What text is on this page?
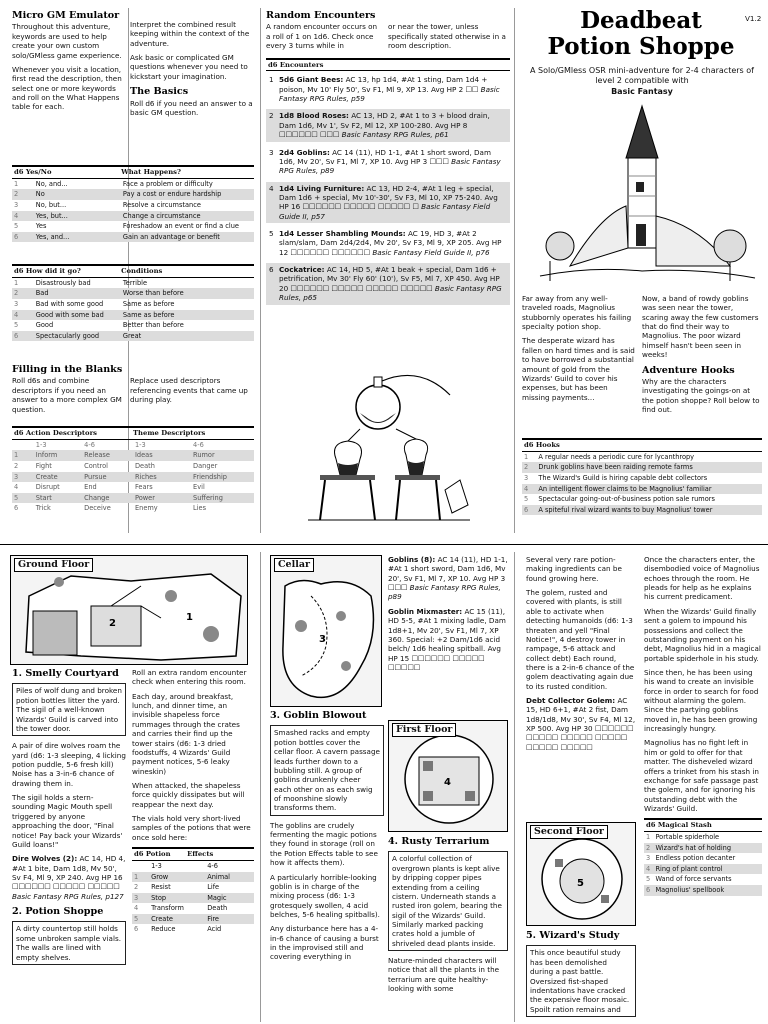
Micro GM Emulator

Throughout this adventure, keywords are used to help create your own custom solo/GMless game experience.

Whenever you visit a location, first read the description, then select one or more keywords and roll on the What Happens table for each.

Interpret the combined result keeping within the context of the adventure.

Ask basic or complicated GM questions whenever you need to kickstart your imagination.

The Basics

Roll d6 if you need an answer to a basic GM question.

d6 Yes/No	What Happens?
1	No, and...	Face a problem or difficulty
2	No	Pay a cost or endure hardship
3	No, but...	Resolve a circumstance
4	Yes, but...	Change a circumstance
5	Yes	Foreshadow an event or find a clue
6	Yes, and...	Gain an advantage or benefit
d6 How did it go?	Conditions
1	Disastrously bad	Terrible
2	Bad	Worse than before
3	Bad with some good	Same as before
4	Good with some bad	Same as before
5	Good	Better than before
6	Spectacularly good	Great
Filling in the Blanks

Roll d6s and combine descriptors if you need an answer to a more complex GM question.

Replace used descriptors referencing events that came up during play.

d6 Action Descriptors	Theme Descriptors
	1-3	4-6	1-3	4-6
1	Inform	Release	Ideas	Rumor
2	Fight	Control	Death	Danger
3	Create	Pursue	Riches	Friendship
4	Disrupt	End	Fears	Evil
5	Start	Change	Power	Suffering
6	Trick	Deceive	Enemy	Lies
Random Encounters

A random encounter occurs on a roll of 1 on 1d6. Check once every 3 turns while in

or near the tower, unless specifically stated otherwise in a room description.

d6 Encounters
1 5d6 Giant Bees: AC 13, hp 1d4, #At 1 sting, Dam 1d4 + poison, Mv 10' Fly 50', Sv F1, Ml 9, XP 13. Avg HP 2 ☐☐ Basic Fantasy RPG Rules, p59
2 1d8 Blood Roses: AC 13, HD 2, #At 1 to 3 + blood drain, Dam 1d6, Mv 1', Sv F2, Ml 12, XP 100-280. Avg HP 8 ☐☐☐☐☐☐ ☐☐☐ Basic Fantasy RPG Rules, p61
3 2d4 Goblins: AC 14 (11), HD 1-1, #At 1 short sword, Dam 1d6, Mv 20', Sv F1, Ml 7, XP 10. Avg HP 3 ☐☐☐ Basic Fantasy RPG Rules, p89
4 1d4 Living Furniture: AC 13, HD 2-4, #At 1 leg + special, Dam 1d6 + special, Mv 10'-30', Sv F3, Ml 10, XP 75-240. Avg HP 16 ☐☐☐☐☐☐ ☐☐☐☐☐ ☐☐☐☐☐ ☐ Basic Fantasy Field Guide II, p57
5 1d4 Lesser Shambling Mounds: AC 19, HD 3, #At 2 slam/slam, Dam 2d4/2d4, Mv 20', Sv F3, Ml 9, XP 205. Avg HP 12 ☐☐☐☐☐☐ ☐☐☐☐☐☐ Basic Fantasy Field Guide II, p76
6 Cockatrice: AC 14, HD 5, #At 1 beak + special, Dam 1d6 + petrification, Mv 30' Fly 60' (10'), Sv F5, Ml 7, XP 450. Avg HP 20 ☐☐☐☐☐☐ ☐☐☐☐☐ ☐☐☐☐☐ ☐☐☐☐☐ Basic Fantasy RPG Rules, p65
V1.2
Deadbeat
Potion Shoppe
A Solo/GMless OSR mini-adventure for 2-4 characters of level 2 compatible with
Basic Fantasy

Far away from any well-traveled roads, Magnolius stubbornly operates his failing specialty potion shop.

The desperate wizard has fallen on hard times and is said to have borrowed a substantial amount of gold from the Wizards' Guild to cover his expenses, but has been missing payments...

Now, a band of rowdy goblins was seen near the tower, scaring away the few customers that do find their way to Magnolius. The poor wizard himself hasn't been seen in weeks!

Adventure Hooks

Why are the characters investigating the goings-on at the potion shoppe? Roll below to find out.

d6 Hooks
1	A regular needs a periodic cure for lycanthropy
2	Drunk goblins have been raiding remote farms
3	The Wizard's Guild is hiring capable debt collectors
4	An intelligent flower claims to be Magnolius' familiar
5	Spectacular going-out-of-business potion sale rumors
6	A spiteful rival wizard wants to buy Magnolius' tower
2
1
Ground Floor
1. Smelly Courtyard
Piles of wolf dung and broken potion bottles litter the yard. The sigil of a well-known Wizards' Guild is carved into the tower door.

A pair of dire wolves roam the yard (d6: 1-3 sleeping, 4 licking potion puddle, 5-6 fresh kill) Noise has a 3-in-6 chance of drawing them in.

The sigil holds a stern-sounding Magic Mouth spell triggered by anyone approaching the door, "Final notice! Pay back your Wizards' Guild loans!"

Dire Wolves (2): AC 14, HD 4, #At 1 bite, Dam 1d8, Mv 50', Sv F4, Ml 9, XP 240. Avg HP 16 ☐☐☐☐☐☐ ☐☐☐☐☐ ☐☐☐☐☐ Basic Fantasy RPG Rules, p127

2. Potion Shoppe
A dirty countertop still holds some unbroken sample vials. The walls are lined with empty shelves.

Roll an extra random encounter check when entering this room.

Each day, around breakfast, lunch, and dinner time, an invisible shapeless force rummages through the crates and carries their find up the tower stairs (d6: 1-3 dried foodstuffs, 4 Wizards' Guild payment notices, 5-6 leaky wineskin)

When attacked, the shapeless force quickly dissipates but will reappear the next day.

The vials hold very short-lived samples of the potions that were once sold here:

d6 Potion	Effects
	1-3	4-6
1	Grow	Animal
2	Resist	Life
3	Stop	Magic
4	Transform	Death
5	Create	Fire
6	Reduce	Acid
3
Cellar	Goblins (8): AC 14 (11), HD 1-1, #At 1 short sword, Dam 1d6, Mv 20', Sv F1, Ml 7, XP 10. Avg HP 3 ☐☐☐ Basic Fantasy RPG Rules, p89

Goblin Mixmaster: AC 15 (11), HD 5-5, #At 1 mixing ladle, Dam 1d8+1, Mv 20', Sv F1, Ml 7, XP 360. Special: +2 Dam/1d6 acid belch/ 1d6 healing spitball. Avg HP 15 ☐☐☐☐☐☐ ☐☐☐☐☐ ☐☐☐☐☐

3. Goblin Blowout
Smashed racks and empty potion bottles cover the cellar floor. A cavern passage leads further down to a bubbling still. A group of goblins drunkenly cheer each other on as each swig of moonshine slowly transforms them.

The goblins are crudely fermenting the magic potions they found in storage (roll on the Potion Effects table to see how it affects them).

A particularly horrible-looking goblin is in charge of the mixing process (d6: 1-3 grotesquely swollen, 4 acid belches, 5-6 healing spitballs).

Any disturbance here has a 4-in-6 chance of causing a burst in the improvised still and covering everything in

4
First Floor
4. Rusty Terrarium
A colorful collection of overgrown plants is kept alive by dripping copper pipes extending from a ceiling cistern. Underneath stands a rusted iron golem, bearing the sigil of the Wizards' Guild. Similarly marked packing crates hold a jumble of shriveled dead plants inside.

Nature-minded characters will notice that all the plants in the terrarium are quite healthy-looking with some

Several very rare potion-making ingredients can be found growing here.

The golem, rusted and covered with plants, is still able to activate when detecting humanoids (d6: 1-3 threaten and yell "Final Notice!", 4 destroy tower in rampage, 5-6 attack and collect debt) Each round, there is a 2-in-6 chance of the golem deactivating again due to its rusted condition.

Debt Collector Golem: AC 15, HD 6+1, #At 2 fist, Dam 1d8/1d8, Mv 30', Sv F4, Ml 12, XP 500. Avg HP 30 ☐☐☐☐☐☐ ☐☐☐☐☐ ☐☐☐☐☐ ☐☐☐☐☐ ☐☐☐☐☐ ☐☐☐☐☐

5
Second Floor
5. Wizard's Study
This once beautiful study has been demolished during a past battle. Oversized fist-shaped indentations have cracked the expensive floor mosaic. Spoilt ration remains and

Once the characters enter, the disembodied voice of Magnolius echoes through the room. He pleads for help as he explains his current predicament.

When the Wizards' Guild finally sent a golem to impound his possessions and collect the outstanding payment on his debt, Magnolius hid in a magical portable spiderhole in his study.

Since then, he has been using his wand to create an invisible force in order to search for food without alarming the golem. Since the partying goblins moved in, he has been growing increasingly hungry.

Magnolius has no fight left in him or gold to offer for that matter. The disheveled wizard offers a trinket from his stash in exchange for safe passage past the golem, and for ignoring his outstanding debt with the Wizards' Guild.

d6 Magical Stash
1	Portable spiderhole
2	Wizard's hat of holding
3	Endless potion decanter
4	Ring of plant control
5	Wand of force servants
6	Magnolius' spellbook
